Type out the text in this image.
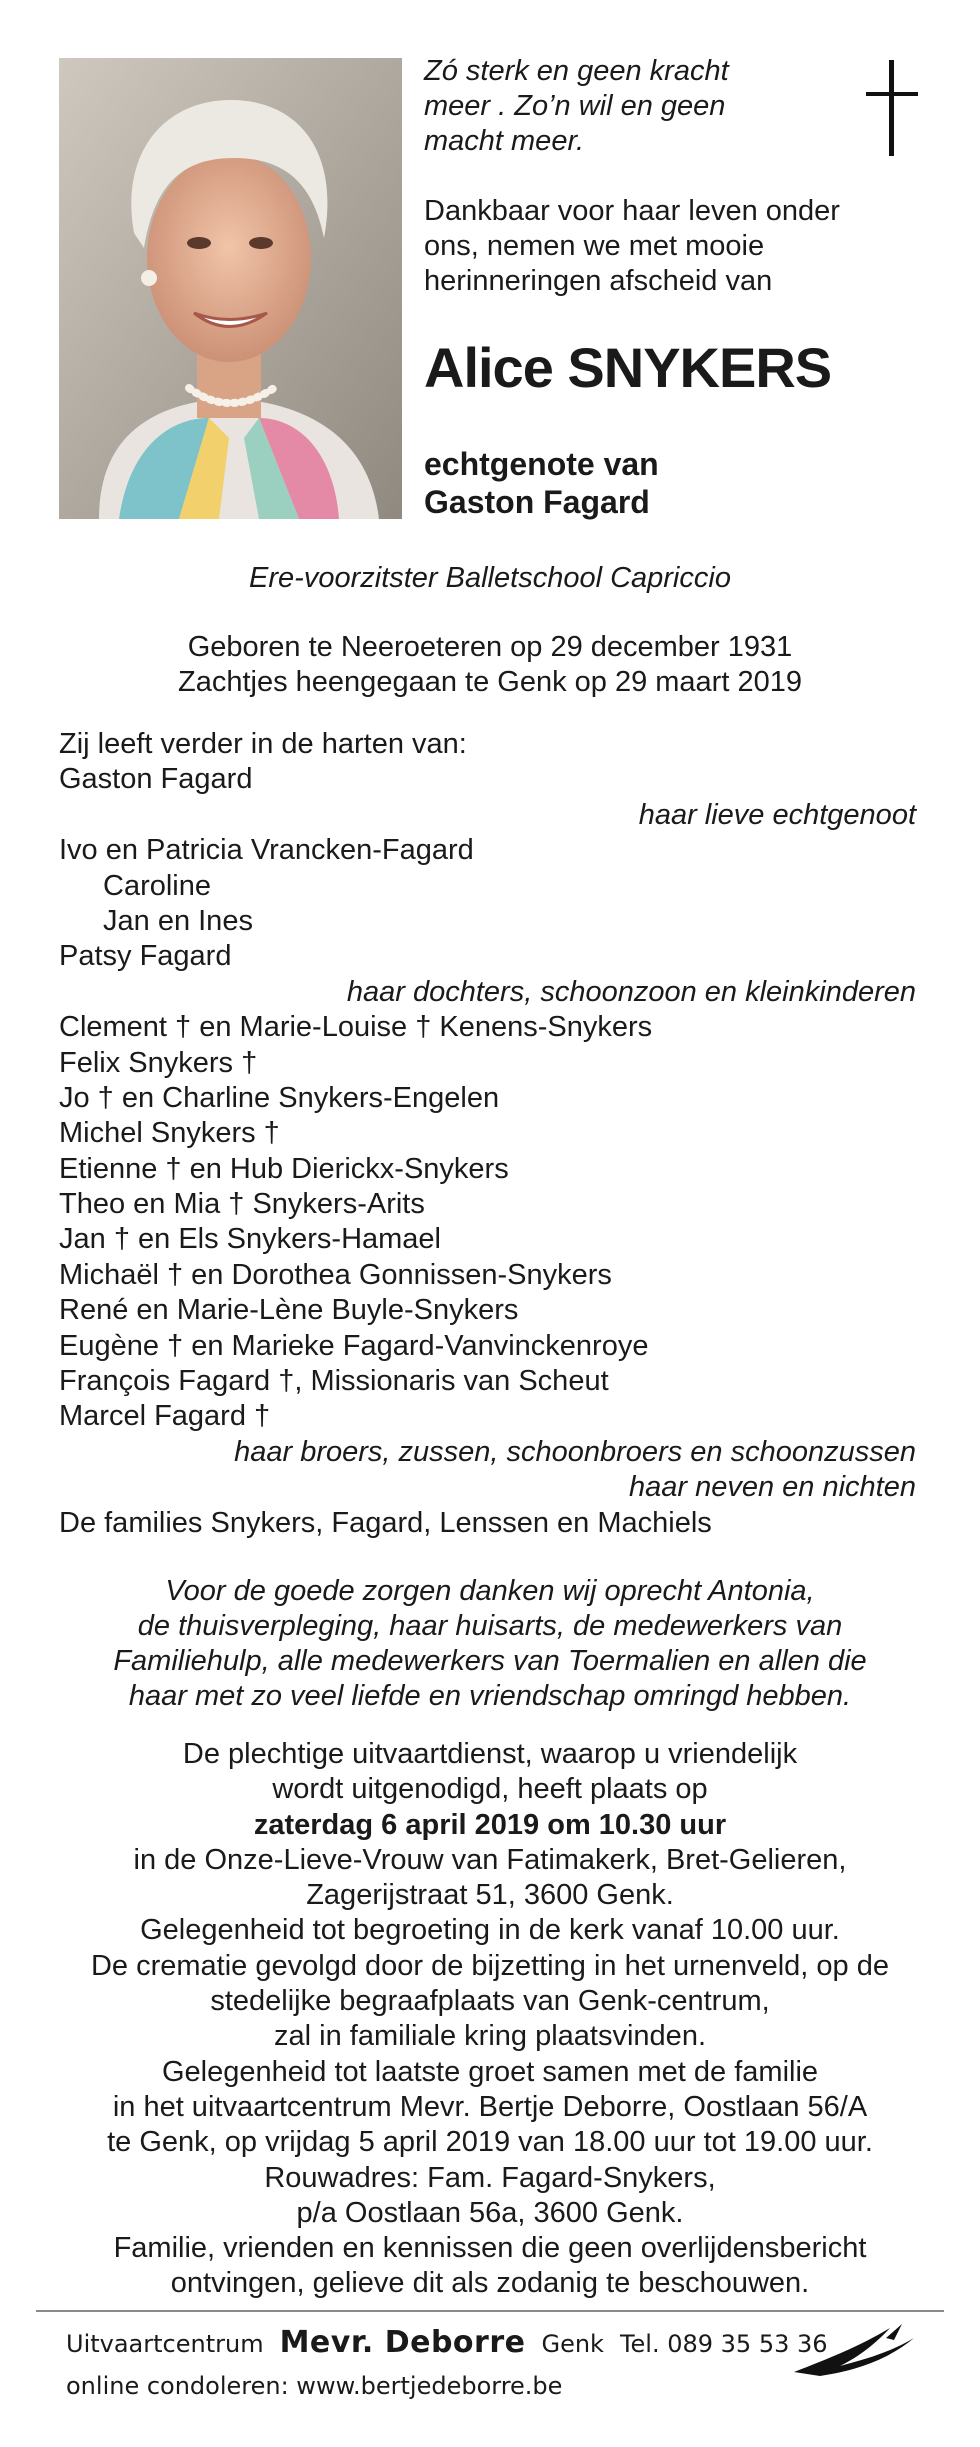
Zó sterk en geen kracht
meer . Zo’n wil en geen
macht meer.
Dankbaar voor haar leven onder
ons, nemen we met mooie
herinneringen afscheid van
Alice SNYKERS
echtgenote van
Gaston Fagard
Ere-voorzitster Balletschool Capriccio
Geboren te Neeroeteren op 29 december 1931
Zachtjes heengegaan te Genk op 29 maart 2019
Zij leeft verder in de harten van:
Gaston Fagard
haar lieve echtgenoot
Ivo en Patricia Vrancken-Fagard
Caroline
Jan en Ines
Patsy Fagard
haar dochters, schoonzoon en kleinkinderen
Clement † en Marie-Louise † Kenens-Snykers
Felix Snykers †
Jo † en Charline Snykers-Engelen
Michel Snykers †
Etienne † en Hub Dierickx-Snykers
Theo en Mia † Snykers-Arits
Jan † en Els Snykers-Hamael
Michaël † en Dorothea Gonnissen-Snykers
René en Marie-Lène Buyle-Snykers
Eugène † en Marieke Fagard-Vanvinckenroye
François Fagard †, Missionaris van Scheut
Marcel Fagard †
haar broers, zussen, schoonbroers en schoonzussen
haar neven en nichten
De families Snykers, Fagard, Lenssen en Machiels
Voor de goede zorgen danken wij oprecht Antonia,
de thuisverpleging, haar huisarts, de medewerkers van
Familiehulp, alle medewerkers van Toermalien en allen die
haar met zo veel liefde en vriendschap omringd hebben.
De plechtige uitvaartdienst, waarop u vriendelijk
wordt uitgenodigd, heeft plaats op
zaterdag 6 april 2019 om 10.30 uur
in de Onze-Lieve-Vrouw van Fatimakerk, Bret-Gelieren,
Zagerijstraat 51, 3600 Genk.
Gelegenheid tot begroeting in de kerk vanaf 10.00 uur.
De crematie gevolgd door de bijzetting in het urnenveld, op de
stedelijke begraafplaats van Genk-centrum,
zal in familiale kring plaatsvinden.
Gelegenheid tot laatste groet samen met de familie
in het uitvaartcentrum Mevr. Bertje Deborre, Oostlaan 56/A
te Genk, op vrijdag 5 april 2019 van 18.00 uur tot 19.00 uur.
Rouwadres: Fam. Fagard-Snykers,
p/a Oostlaan 56a, 3600 Genk.
Familie, vrienden en kennissen die geen overlijdensbericht
ontvingen, gelieve dit als zodanig te beschouwen.
Uitvaartcentrum Mevr. Deborre Genk Tel. 089 35 53 36
online condoleren: www.bertjedeborre.be
